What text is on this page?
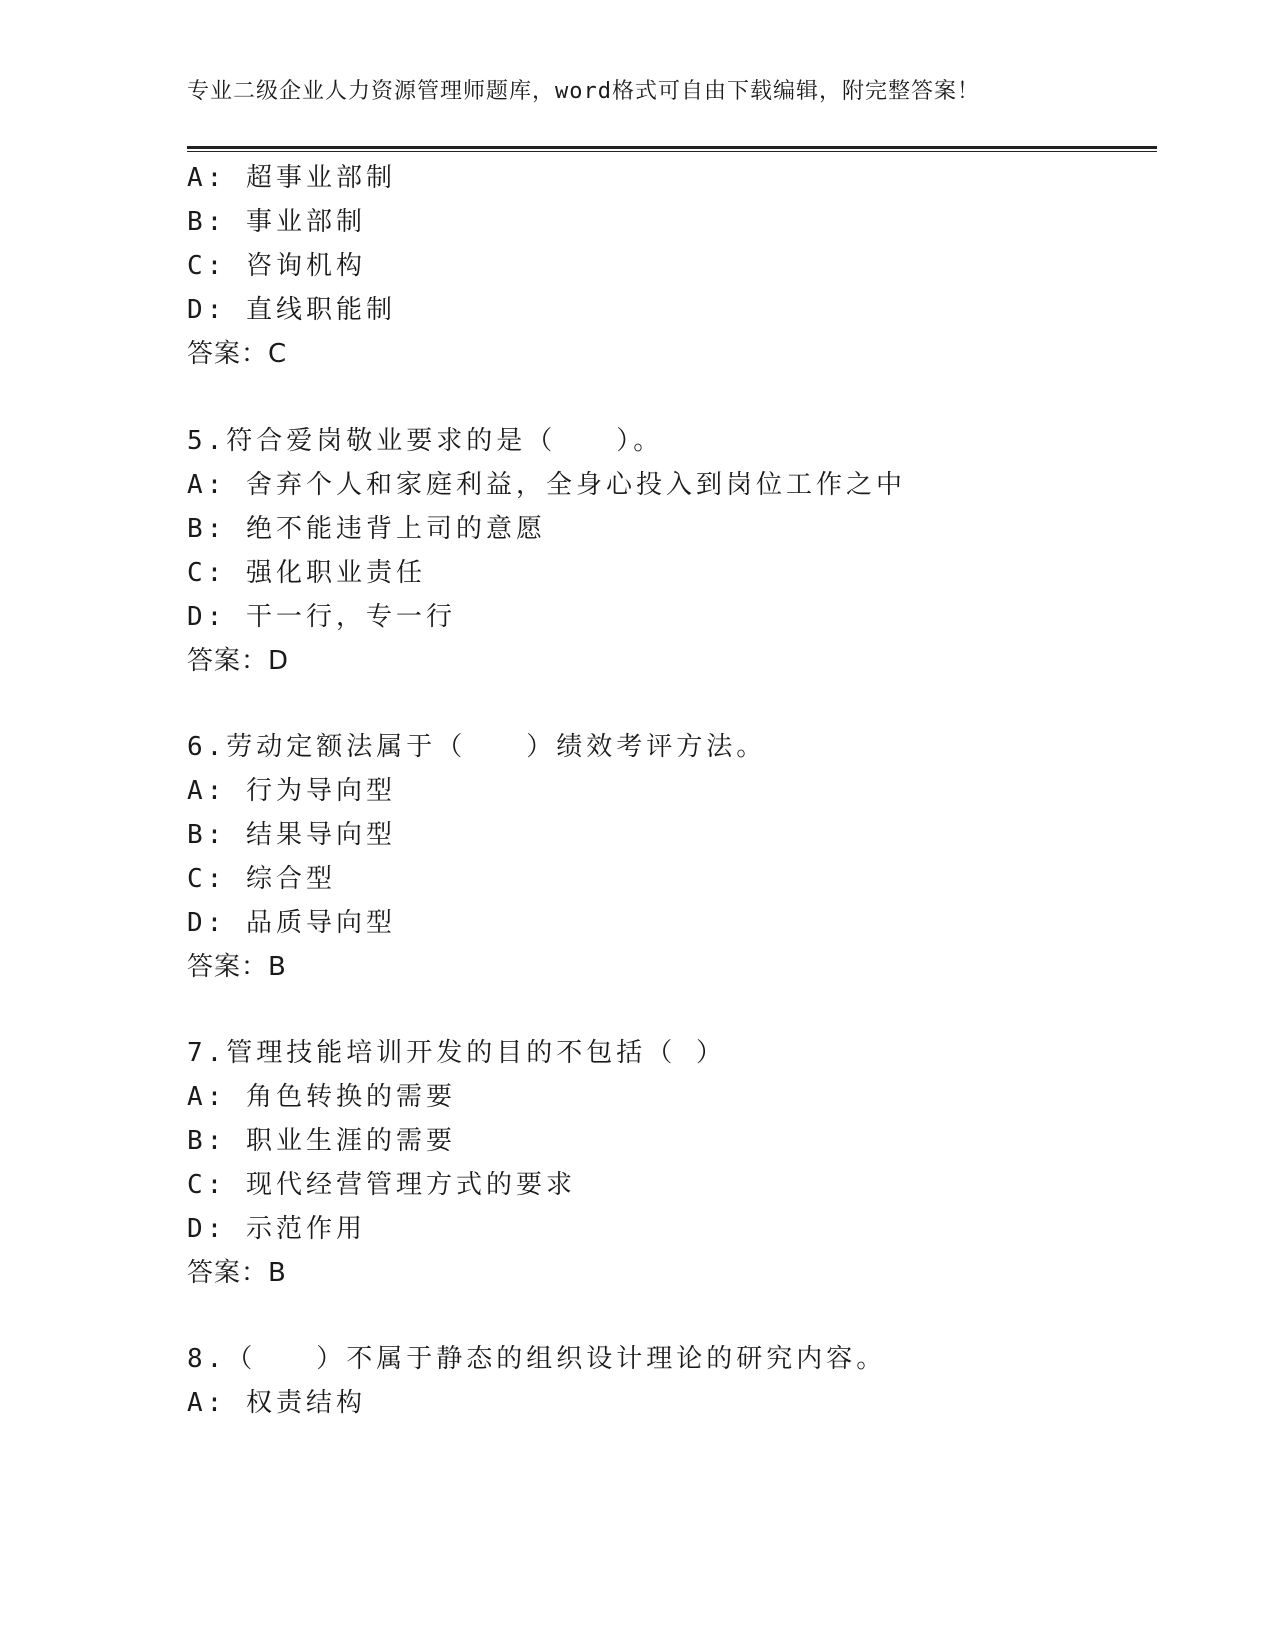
专业二级企业人力资源管理师题库，word格式可自由下载编辑，附完整答案！
A: 超事业部制
B: 事业部制
C: 咨询机构
D: 直线职能制
答案：C
5.符合爱岗敬业要求的是（　　）。
A: 舍弃个人和家庭利益，全身心投入到岗位工作之中
B: 绝不能违背上司的意愿
C: 强化职业责任
D: 干一行，专一行
答案：D
6.劳动定额法属于（　　）绩效考评方法。
A: 行为导向型
B: 结果导向型
C: 综合型
D: 品质导向型
答案：B
7.管理技能培训开发的目的不包括（ ）
A: 角色转换的需要
B: 职业生涯的需要
C: 现代经营管理方式的要求
D: 示范作用
答案：B
8.（　　）不属于静态的组织设计理论的研究内容。
A: 权责结构
